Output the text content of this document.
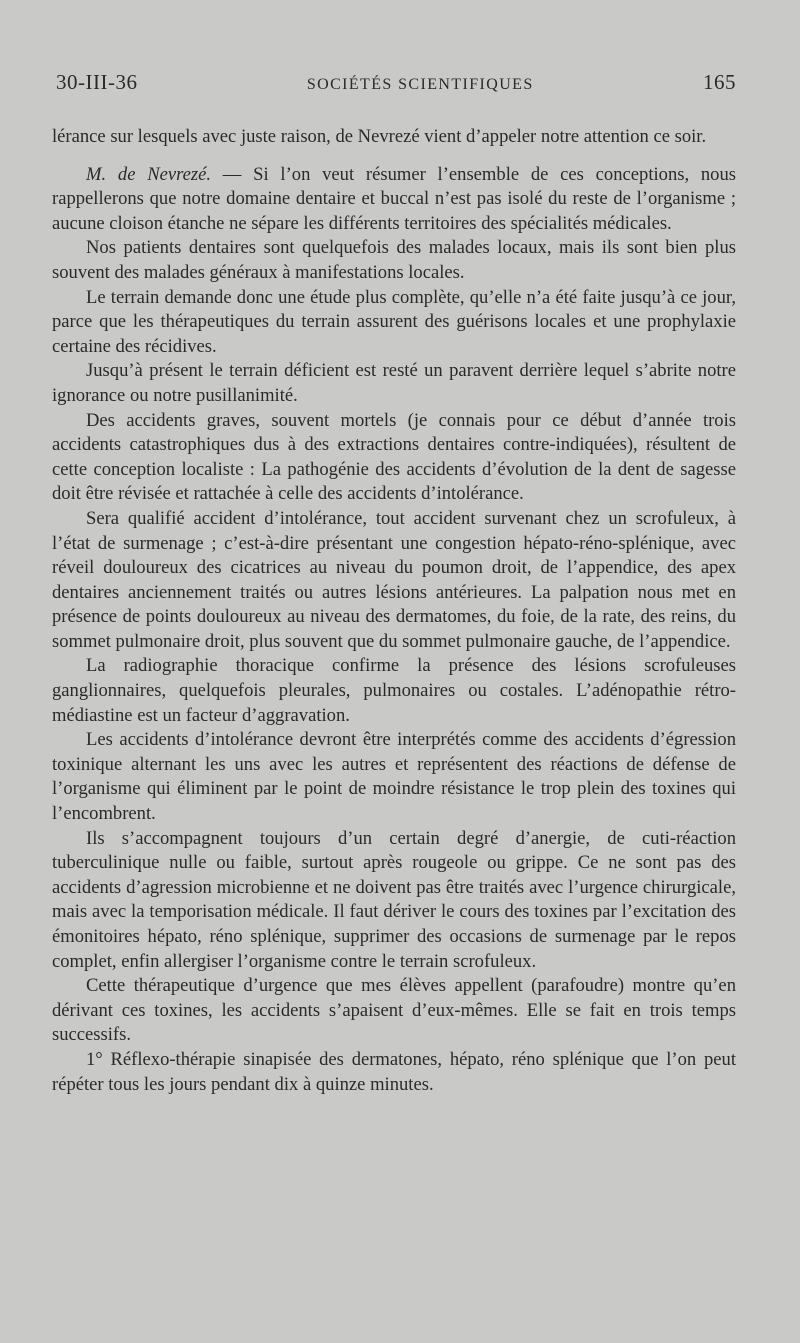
30-III-36	SOCIÉTÉS SCIENTIFIQUES	165

lérance sur lesquels avec juste raison, de Nevrezé vient d’appeler notre attention ce soir.

M. de Nevrezé. — Si l’on veut résumer l’ensemble de ces conceptions, nous rappellerons que notre domaine dentaire et buccal n’est pas isolé du reste de l’organisme ; aucune cloison étanche ne sépare les différents territoires des spécialités médicales.

Nos patients dentaires sont quelquefois des malades locaux, mais ils sont bien plus souvent des malades généraux à manifestations locales.

Le terrain demande donc une étude plus complète, qu’elle n’a été faite jusqu’à ce jour, parce que les thérapeutiques du terrain assurent des guérisons locales et une prophylaxie certaine des récidives.

Jusqu’à présent le terrain déficient est resté un paravent derrière lequel s’abrite notre ignorance ou notre pusillanimité.

Des accidents graves, souvent mortels (je connais pour ce début d’année trois accidents catastrophiques dus à des extractions dentaires contre-indiquées), résultent de cette conception localiste : La pathogénie des accidents d’évolution de la dent de sagesse doit être révisée et rattachée à celle des accidents d’intolérance.

Sera qualifié accident d’intolérance, tout accident survenant chez un scrofuleux, à l’état de surmenage ; c’est-à-dire présentant une congestion hépato-réno-splénique, avec réveil douloureux des cicatrices au niveau du poumon droit, de l’appendice, des apex dentaires anciennement traités ou autres lésions antérieures. La palpation nous met en présence de points douloureux au niveau des dermatomes, du foie, de la rate, des reins, du sommet pulmonaire droit, plus souvent que du sommet pulmonaire gauche, de l’appendice.

La radiographie thoracique confirme la présence des lésions scrofuleuses ganglionnaires, quelquefois pleurales, pulmonaires ou costales. L’adénopathie rétro-médiastine est un facteur d’aggravation.

Les accidents d’intolérance devront être interprétés comme des accidents d’égression toxinique alternant les uns avec les autres et représentent des réactions de défense de l’organisme qui éliminent par le point de moindre résistance le trop plein des toxines qui l’encombrent.

Ils s’accompagnent toujours d’un certain degré d’anergie, de cuti-réaction tuberculinique nulle ou faible, surtout après rougeole ou grippe. Ce ne sont pas des accidents d’agression microbienne et ne doivent pas être traités avec l’urgence chirurgicale, mais avec la temporisation médicale. Il faut dériver le cours des toxines par l’excitation des émonitoires hépato, réno splénique, supprimer des occasions de surmenage par le repos complet, enfin allergiser l’organisme contre le terrain scrofuleux.

Cette thérapeutique d’urgence que mes élèves appellent (parafoudre) montre qu’en dérivant ces toxines, les accidents s’apaisent d’eux-mêmes. Elle se fait en trois temps successifs.

1° Réflexo-thérapie sinapisée des dermatones, hépato, réno splénique que l’on peut répéter tous les jours pendant dix à quinze minutes.
